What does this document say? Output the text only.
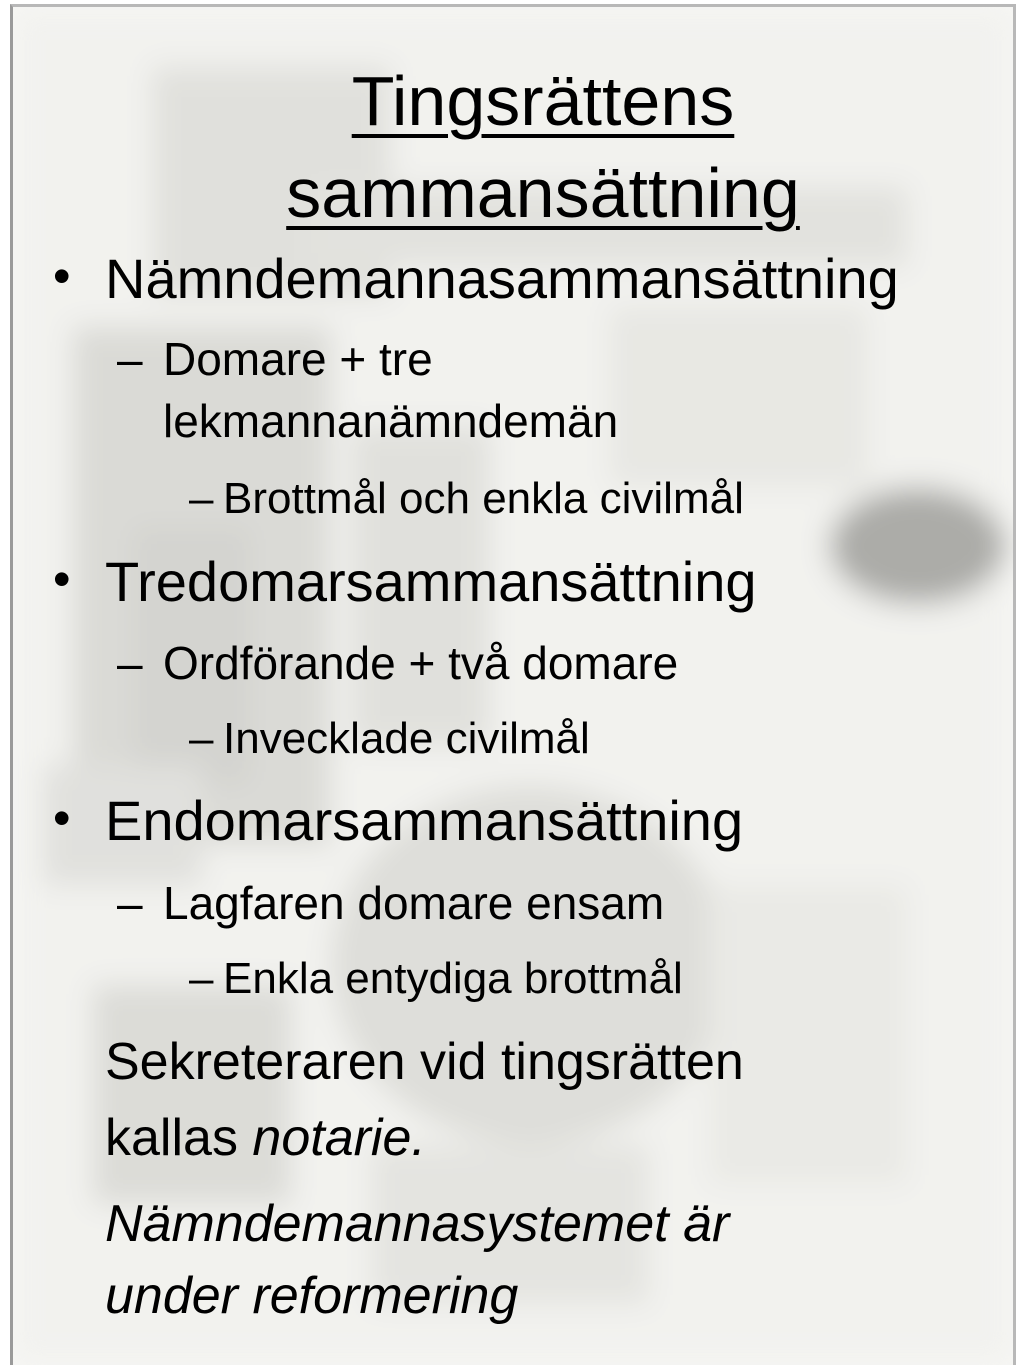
Tingsrättens
sammansättning
• Nämndemannasammansättning
– Domare + tre
lekmannanämndemän
– Brottmål och enkla civilmål
• Tredomarsammansättning
– Ordförande + två domare
– Invecklade civilmål
• Endomarsammansättning
– Lagfaren domare ensam
– Enkla entydiga brottmål
Sekreteraren vid tingsrätten
kallas notarie.
Nämndemannasystemet är
under reformering
